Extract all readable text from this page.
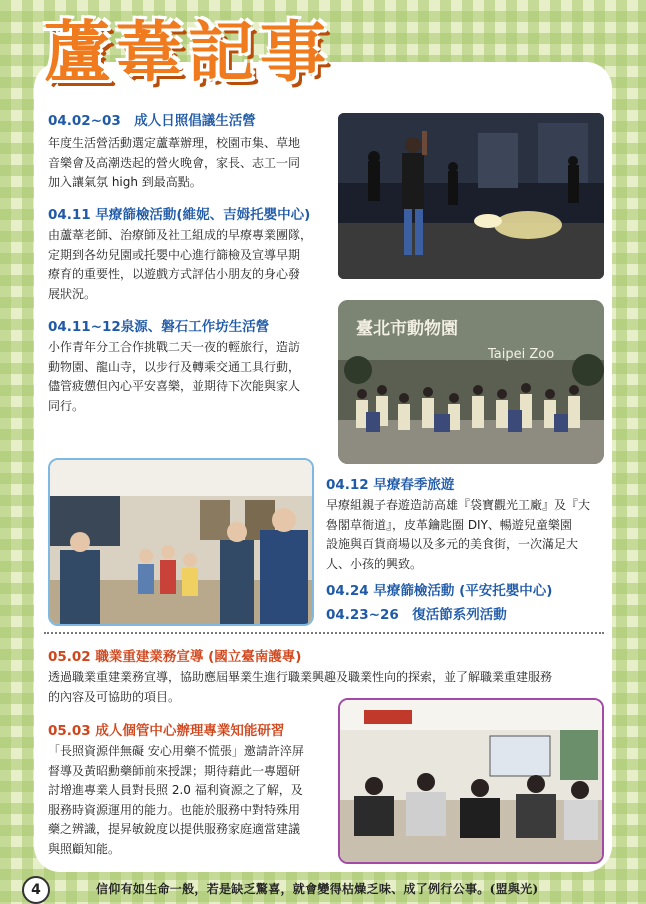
蘆葦記事
04.02~03　成人日照倡議生活營
年度生活營活動選定蘆葦辦理，校園市集、草地
音樂會及高潮迭起的營火晚會，家長、志工一同
加入讓氣氛 high 到最高點。
04.11 早療篩檢活動(維妮、吉姆托嬰中心)
由蘆葦老師、治療師及社工組成的早療專業團隊，
定期到各幼兒園或托嬰中心進行篩檢及宣導早期
療育的重要性，以遊戲方式評估小朋友的身心發
展狀況。
04.11~12泉源、磐石工作坊生活營
小作青年分工合作挑戰二天一夜的輕旅行，造訪
動物園、龍山寺，以步行及轉乘交通工具行動，
儘管疲憊但內心平安喜樂，並期待下次能與家人
同行。
臺北市動物園
Taipei Zoo
04.12 早療春季旅遊
早療組親子春遊造訪高雄『袋寶觀光工廠』及『大
魯閣草衙道』，皮革鑰匙圈 DIY、暢遊兒童樂園
設施與百貨商場以及多元的美食街，一次滿足大
人、小孩的興致。
04.24 早療篩檢活動 (平安托嬰中心)
04.23~26　復活節系列活動
05.02 職業重建業務宣導 (國立臺南護專)
透過職業重建業務宣導，協助應屆畢業生進行職業興趣及職業性向的探索，並了解職業重建服務
的內容及可協助的項目。
05.03 成人個管中心辦理專業知能研習
「長照資源伴無礙 安心用藥不慌張」邀請許淬屏
督導及黃昭勳藥師前來授課；期待藉此一專題研
討增進專業人員對長照 2.0 福利資源之了解，及
服務時資源運用的能力。也能於服務中對特殊用
藥之辨識，提昇敏銳度以提供服務家庭適當建議
與照顧知能。
4	信仰有如生命一般，若是缺乏驚喜，就會變得枯燥乏味、成了例行公事。(盟與光)
